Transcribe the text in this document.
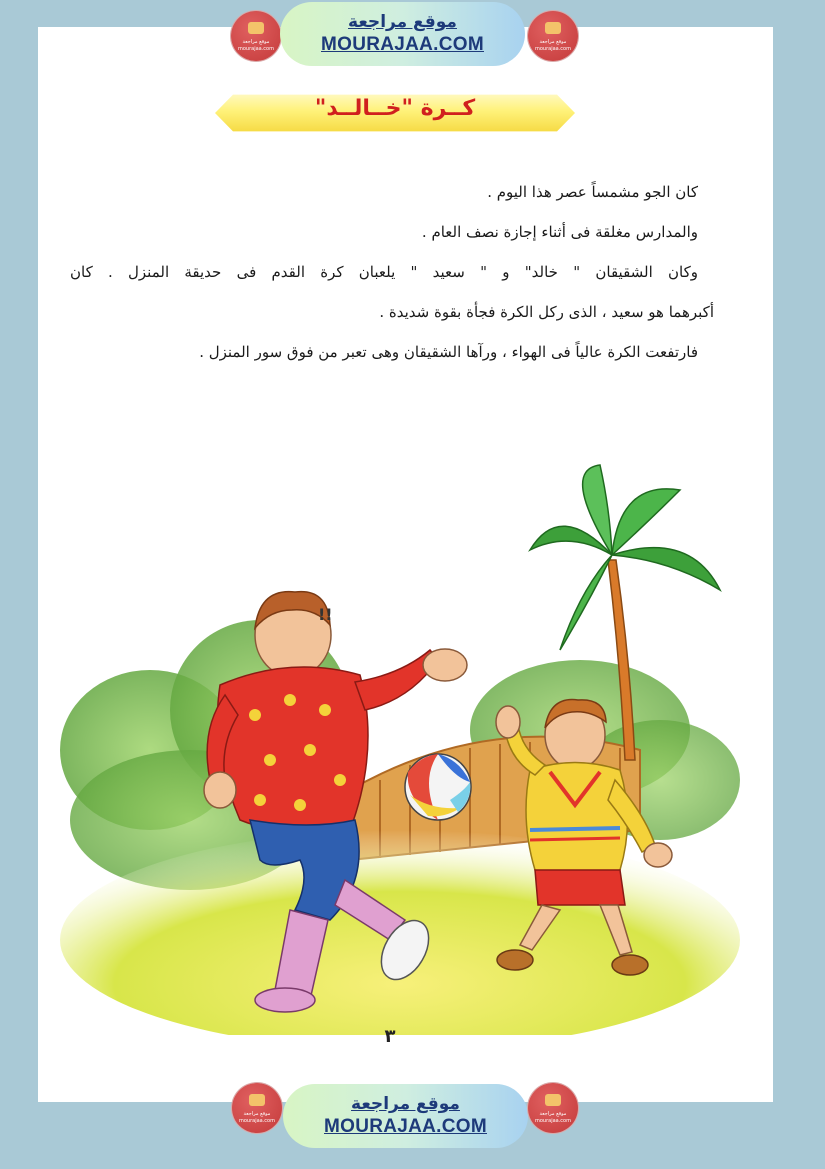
موقع مراجعة
mourajaa.com
موقع مراجعة
MOURAJAA.COM	موقع مراجعة
mourajaa.com
كــرة "خــالــد"

كان الجو مشمساً عصر هذا اليوم .

والمدارس مغلقة فى أثناء إجازة نصف العام .

وكان الشقيقان " خالد" و " سعيد " يلعبان كرة القدم فى حديقة المنزل . كان

أكبرهما هو سعيد ، الذى ركل الكرة فجأة بقوة شديدة .

فارتفعت الكرة عالياً فى الهواء ، ورآها الشقيقان وهى تعبر من فوق سور المنزل .

!!
٣
موقع مراجعة
mourajaa.com
موقع مراجعة
MOURAJAA.COM
موقع مراجعة
mourajaa.com
